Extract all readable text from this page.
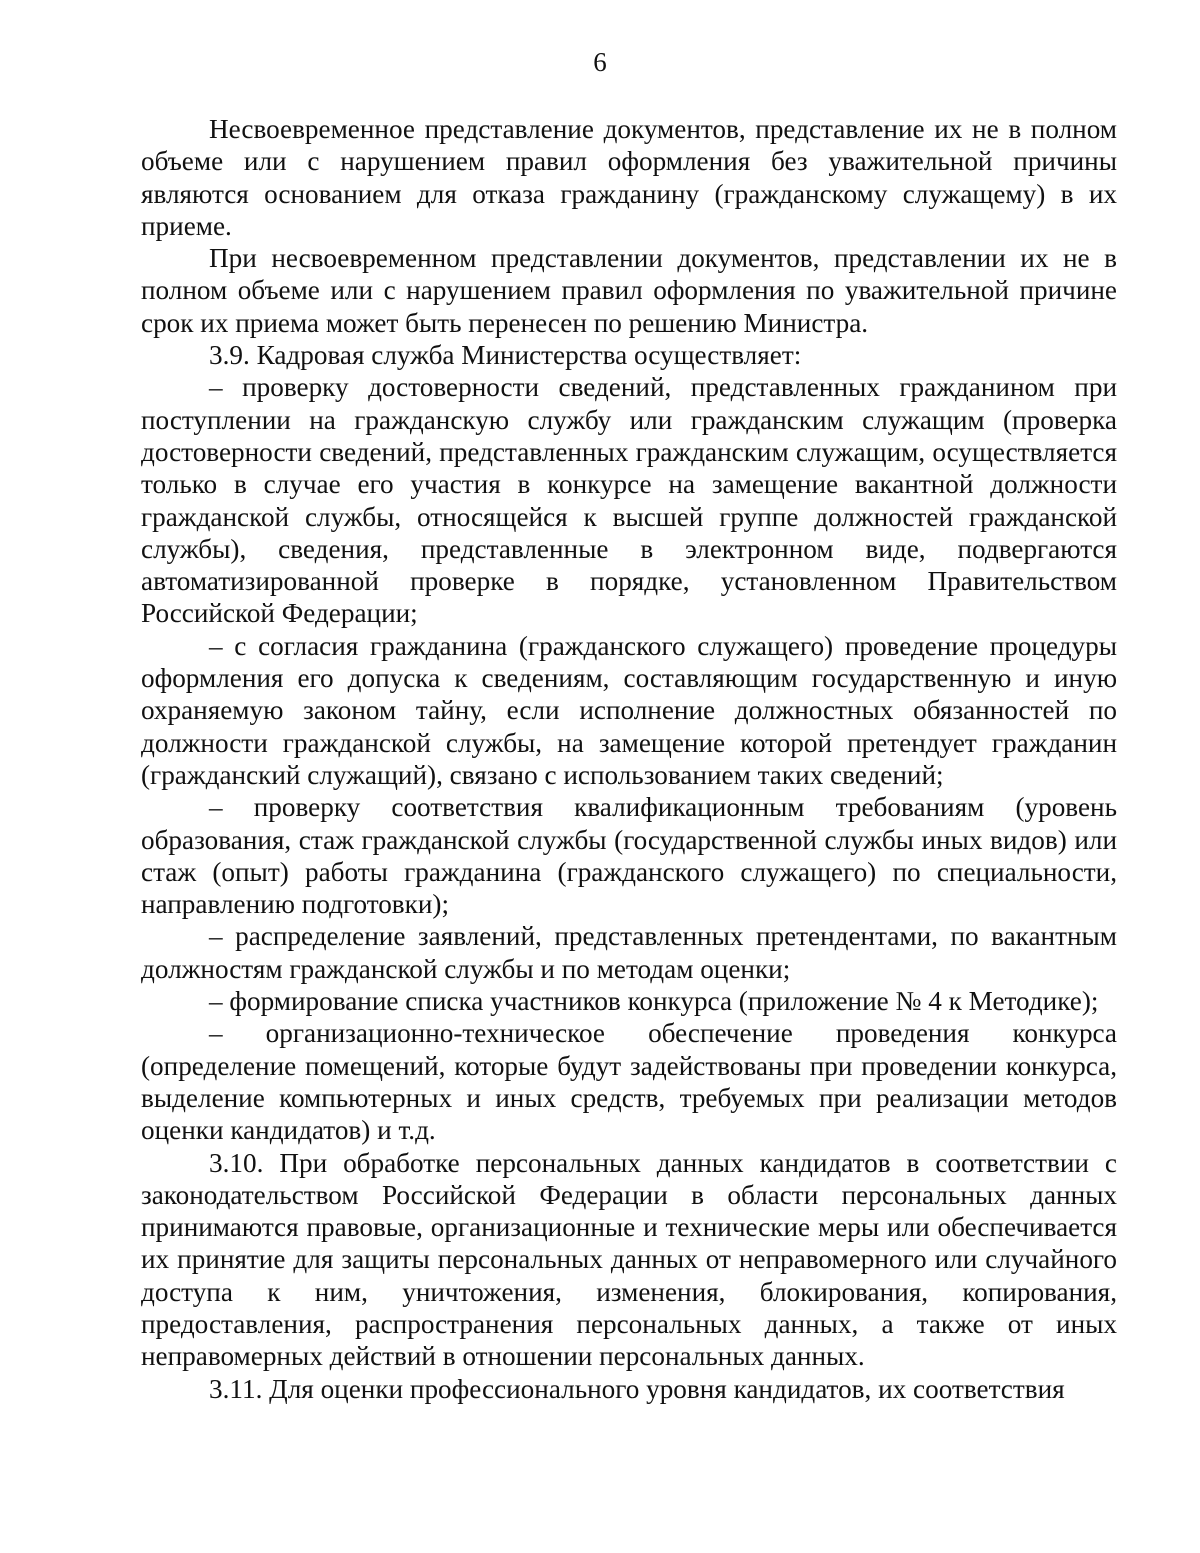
6

Несвоевременное представление документов, представление их не в полном объеме или с нарушением правил оформления без уважительной причины являются основанием для отказа гражданину (гражданскому служащему) в их приеме.

При несвоевременном представлении документов, представлении их не в полном объеме или с нарушением правил оформления по уважительной причине срок их приема может быть перенесен по решению Министра.

3.9. Кадровая служба Министерства осуществляет:

– проверку достоверности сведений, представленных гражданином при поступлении на гражданскую службу или гражданским служащим (проверка достоверности сведений, представленных гражданским служащим, осуществляется только в случае его участия в конкурсе на замещение вакантной должности гражданской службы, относящейся к высшей группе должностей гражданской службы), сведения, представленные в электронном виде, подвергаются автоматизированной проверке в порядке, установленном Правительством Российской Федерации;

– с согласия гражданина (гражданского служащего) проведение процедуры оформления его допуска к сведениям, составляющим государственную и иную охраняемую законом тайну, если исполнение должностных обязанностей по должности гражданской службы, на замещение которой претендует гражданин (гражданский служащий), связано с использованием таких сведений;

– проверку соответствия квалификационным требованиям (уровень образования, стаж гражданской службы (государственной службы иных видов) или стаж (опыт) работы гражданина (гражданского служащего) по специальности, направлению подготовки);

– распределение заявлений, представленных претендентами, по вакантным должностям гражданской службы и по методам оценки;

– формирование списка участников конкурса (приложение № 4 к Методике);

– организационно-техническое обеспечение проведения конкурса (определение помещений, которые будут задействованы при проведении конкурса, выделение компьютерных и иных средств, требуемых при реализации методов оценки кандидатов) и т.д.

3.10. При обработке персональных данных кандидатов в соответствии с законодательством Российской Федерации в области персональных данных принимаются правовые, организационные и технические меры или обеспечивается их принятие для защиты персональных данных от неправомерного или случайного доступа к ним, уничтожения, изменения, блокирования, копирования, предоставления, распространения персональных данных, а также от иных неправомерных действий в отношении персональных данных.

3.11. Для оценки профессионального уровня кандидатов, их соответствия
